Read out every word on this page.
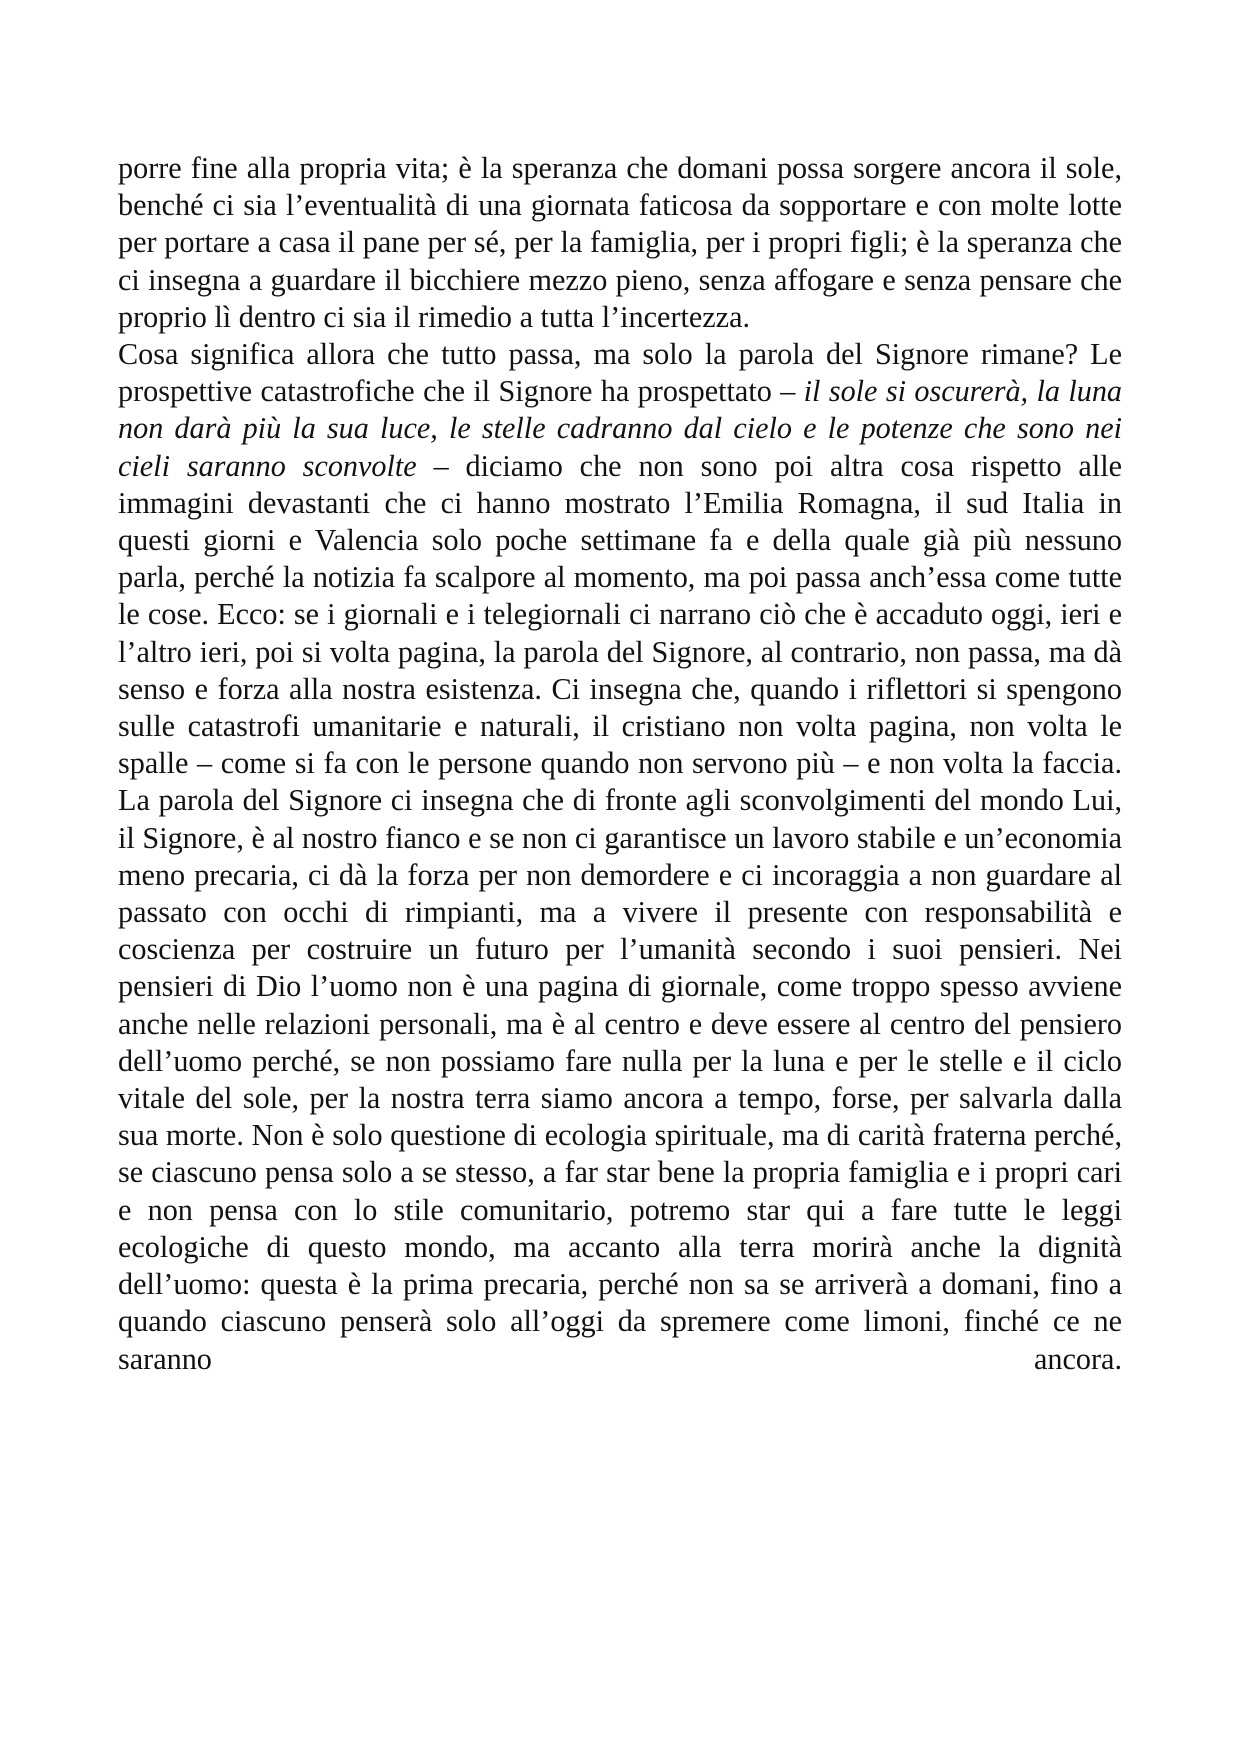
porre fine alla propria vita; è la speranza che domani possa sorgere ancora il sole, benché ci sia l’eventualità di una giornata faticosa da sopportare e con molte lotte per portare a casa il pane per sé, per la famiglia, per i propri figli; è la speranza che ci insegna a guardare il bicchiere mezzo pieno, senza affogare e senza pensare che proprio lì dentro ci sia il rimedio a tutta l’incertezza.

Cosa significa allora che tutto passa, ma solo la parola del Signore rimane? Le prospettive catastrofiche che il Signore ha prospettato – il sole si oscurerà, la luna non darà più la sua luce, le stelle cadranno dal cielo e le potenze che sono nei cieli saranno sconvolte – diciamo che non sono poi altra cosa rispetto alle immagini devastanti che ci hanno mostrato l’Emilia Romagna, il sud Italia in questi giorni e Valencia solo poche settimane fa e della quale già più nessuno parla, perché la notizia fa scalpore al momento, ma poi passa anch’essa come tutte le cose. Ecco: se i giornali e i telegiornali ci narrano ciò che è accaduto oggi, ieri e l’altro ieri, poi si volta pagina, la parola del Signore, al contrario, non passa, ma dà senso e forza alla nostra esistenza. Ci insegna che, quando i riflettori si spengono sulle catastrofi umanitarie e naturali, il cristiano non volta pagina, non volta le spalle – come si fa con le persone quando non servono più – e non volta la faccia. La parola del Signore ci insegna che di fronte agli sconvolgimenti del mondo Lui, il Signore, è al nostro fianco e se non ci garantisce un lavoro stabile e un’economia meno precaria, ci dà la forza per non demordere e ci incoraggia a non guardare al passato con occhi di rimpianti, ma a vivere il presente con responsabilità e coscienza per costruire un futuro per l’umanità secondo i suoi pensieri. Nei pensieri di Dio l’uomo non è una pagina di giornale, come troppo spesso avviene anche nelle relazioni personali, ma è al centro e deve essere al centro del pensiero dell’uomo perché, se non possiamo fare nulla per la luna e per le stelle e il ciclo vitale del sole, per la nostra terra siamo ancora a tempo, forse, per salvarla dalla sua morte. Non è solo questione di ecologia spirituale, ma di carità fraterna perché, se ciascuno pensa solo a se stesso, a far star bene la propria famiglia e i propri cari e non pensa con lo stile comunitario, potremo star qui a fare tutte le leggi ecologiche di questo mondo, ma accanto alla terra morirà anche la dignità dell’uomo: questa è la prima precaria, perché non sa se arriverà a domani, fino a quando ciascuno penserà solo all’oggi da spremere come limoni, finché ce ne saranno ancora.
